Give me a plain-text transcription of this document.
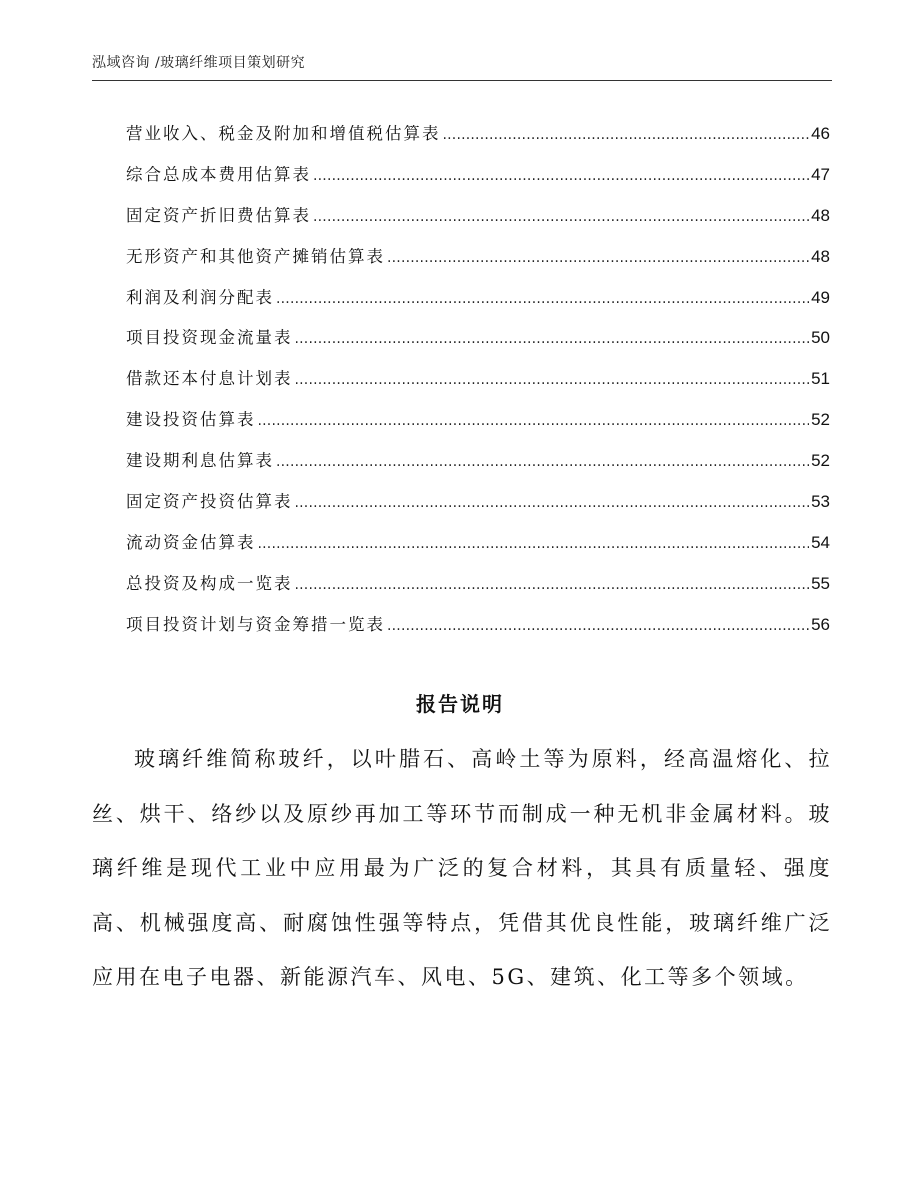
泓域咨询 /玻璃纤维项目策划研究
营业收入、税金及附加和增值税估算表 .....	46
综合总成本费用估算表 .....	47
固定资产折旧费估算表 .....	48
无形资产和其他资产摊销估算表 .....	48
利润及利润分配表 .....	49
项目投资现金流量表 .....	50
借款还本付息计划表 .....	51
建设投资估算表 .....	52
建设期利息估算表 .....	52
固定资产投资估算表 .....	53
流动资金估算表 .....	54
总投资及构成一览表 .....	55
项目投资计划与资金筹措一览表 .....	56
报告说明

玻璃纤维简称玻纤，以叶腊石、高岭土等为原料，经高温熔化、拉丝、烘干、络纱以及原纱再加工等环节而制成一种无机非金属材料。玻璃纤维是现代工业中应用最为广泛的复合材料，其具有质量轻、强度高、机械强度高、耐腐蚀性强等特点，凭借其优良性能，玻璃纤维广泛应用在电子电器、新能源汽车、风电、5G、建筑、化工等多个领域。
